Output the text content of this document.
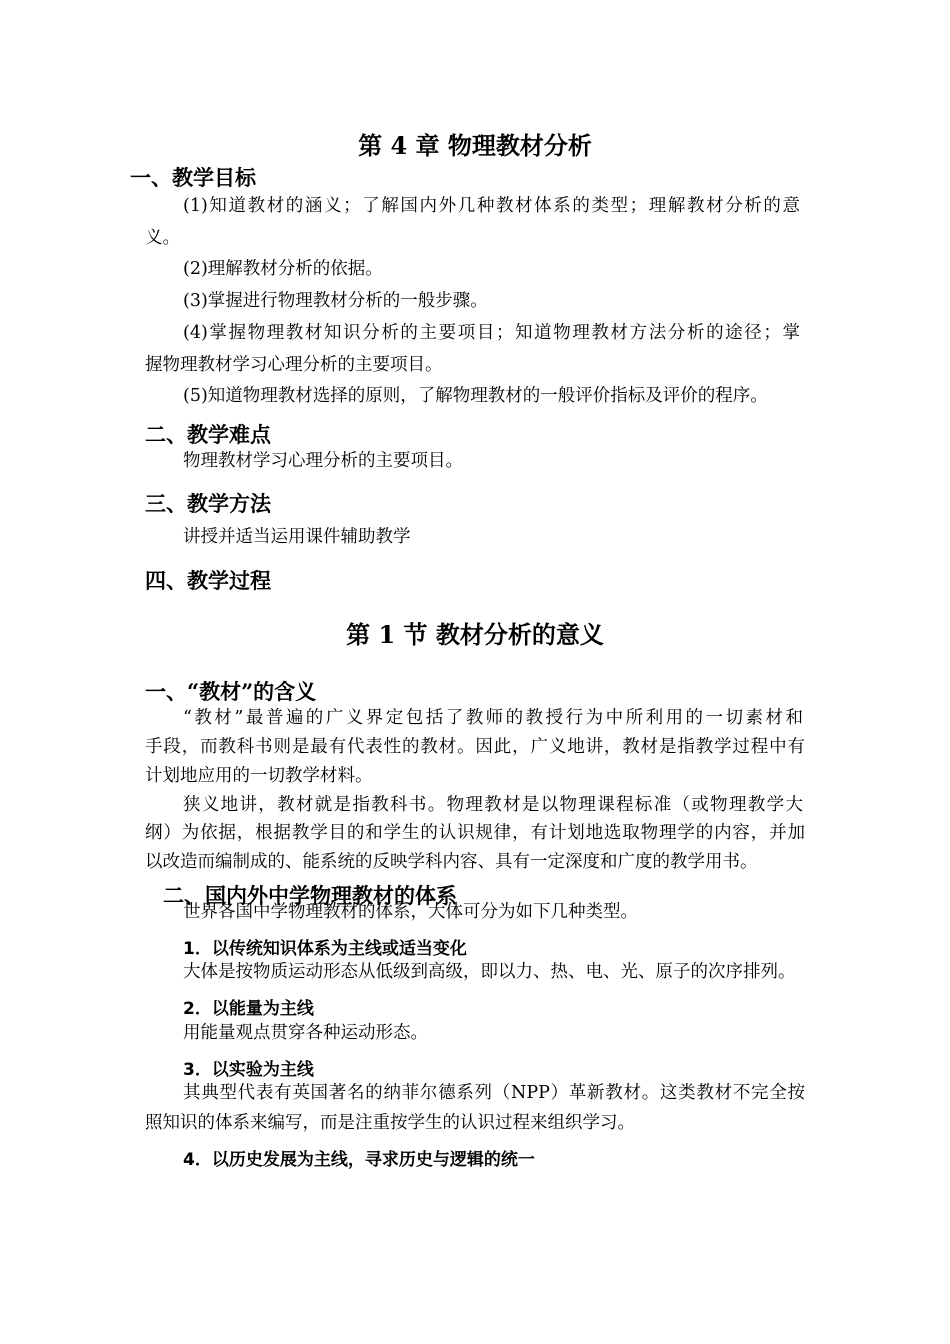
第 4 章 物理教材分析
一、教学目标

(1)知道教材的涵义；了解国内外几种教材体系的类型；理解教材分析的意

义。

(2)理解教材分析的依据。

(3)掌握进行物理教材分析的一般步骤。

(4)掌握物理教材知识分析的主要项目；知道物理教材方法分析的途径；掌

握物理教材学习心理分析的主要项目。

(5)知道物理教材选择的原则，了解物理教材的一般评价指标及评价的程序。

二、教学难点

物理教材学习心理分析的主要项目。

三、教学方法

讲授并适当运用课件辅助教学

四、教学过程
第 1 节 教材分析的意义
一、“教材”的含义

“教材”最普遍的广义界定包括了教师的教授行为中所利用的一切素材和

手段，而教科书则是最有代表性的教材。因此，广义地讲，教材是指教学过程中有

计划地应用的一切教学材料。

狭义地讲，教材就是指教科书。物理教材是以物理课程标准（或物理教学大

纲）为依据，根据教学目的和学生的认识规律，有计划地选取物理学的内容，并加

以改造而编制成的、能系统的反映学科内容、具有一定深度和广度的教学用书。

二、国内外中学物理教材的体系

世界各国中学物理教材的体系，大体可分为如下几种类型。

1．以传统知识体系为主线或适当变化

大体是按物质运动形态从低级到高级，即以力、热、电、光、原子的次序排列。

2．以能量为主线

用能量观点贯穿各种运动形态。

3．以实验为主线

其典型代表有英国著名的纳菲尔德系列（NPP）革新教材。这类教材不完全按

照知识的体系来编写，而是注重按学生的认识过程来组织学习。

4．以历史发展为主线，寻求历史与逻辑的统一
